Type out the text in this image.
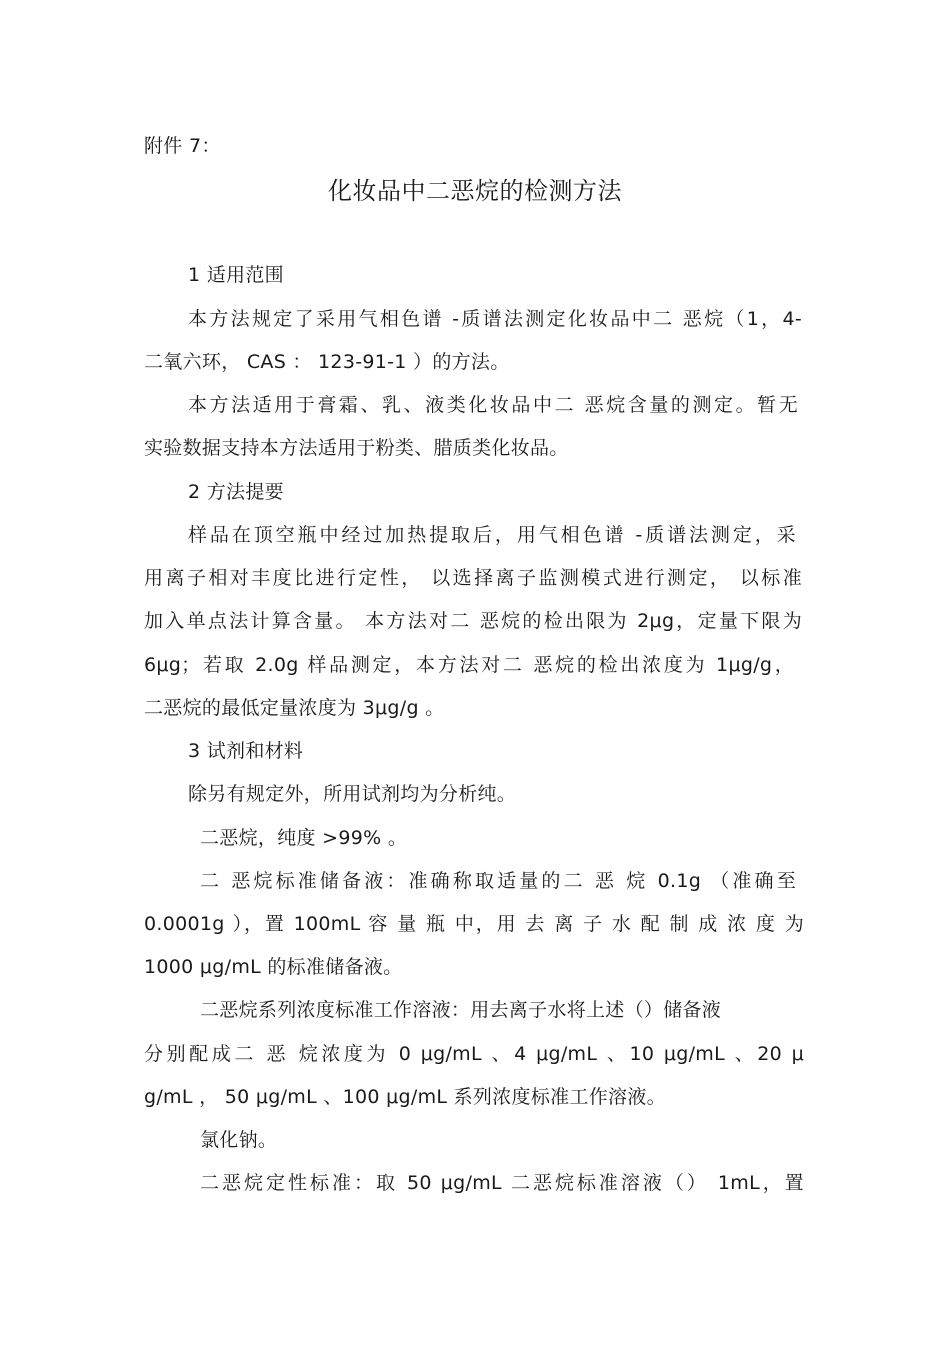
附件 7：
化妆品中二恶烷的检测方法
1 适用范围
本方法规定了采用气相色谱 -质谱法测定化妆品中二 恶烷（1，4-
二氧六环， CAS ： 123-91-1 ）的方法。
本方法适用于膏霜、乳、液类化妆品中二 恶烷含量的测定。暂无
实验数据支持本方法适用于粉类、腊质类化妆品。
2 方法提要
样品在顶空瓶中经过加热提取后，用气相色谱 -质谱法测定，采
用离子相对丰度比进行定性， 以选择离子监测模式进行测定， 以标准
加入单点法计算含量。 本方法对二 恶烷的检出限为 2μg，定量下限为
6μg；若取 2.0g 样品测定，本方法对二 恶烷的检出浓度为 1μg/g，
二恶烷的最低定量浓度为 3μg/g 。
3 试剂和材料
除另有规定外，所用试剂均为分析纯。
二恶烷，纯度 >99% 。
二 恶烷标准储备液：准确称取适量的二 恶 烷 0.1g （准确至
0.0001g ），置 100mL 容 量 瓶 中，用 去 离 子 水 配 制 成 浓 度 为
1000 μg/mL 的标准储备液。
二恶烷系列浓度标准工作溶液：用去离子水将上述（）储备液
分别配成二 恶 烷浓度为 0 μg/mL 、4 μg/mL 、10 μg/mL 、20 μ
g/mL ， 50 μg/mL 、100 μg/mL 系列浓度标准工作溶液。
氯化钠。
二恶烷定性标准：取 50 μg/mL 二恶烷标准溶液（） 1mL，置
